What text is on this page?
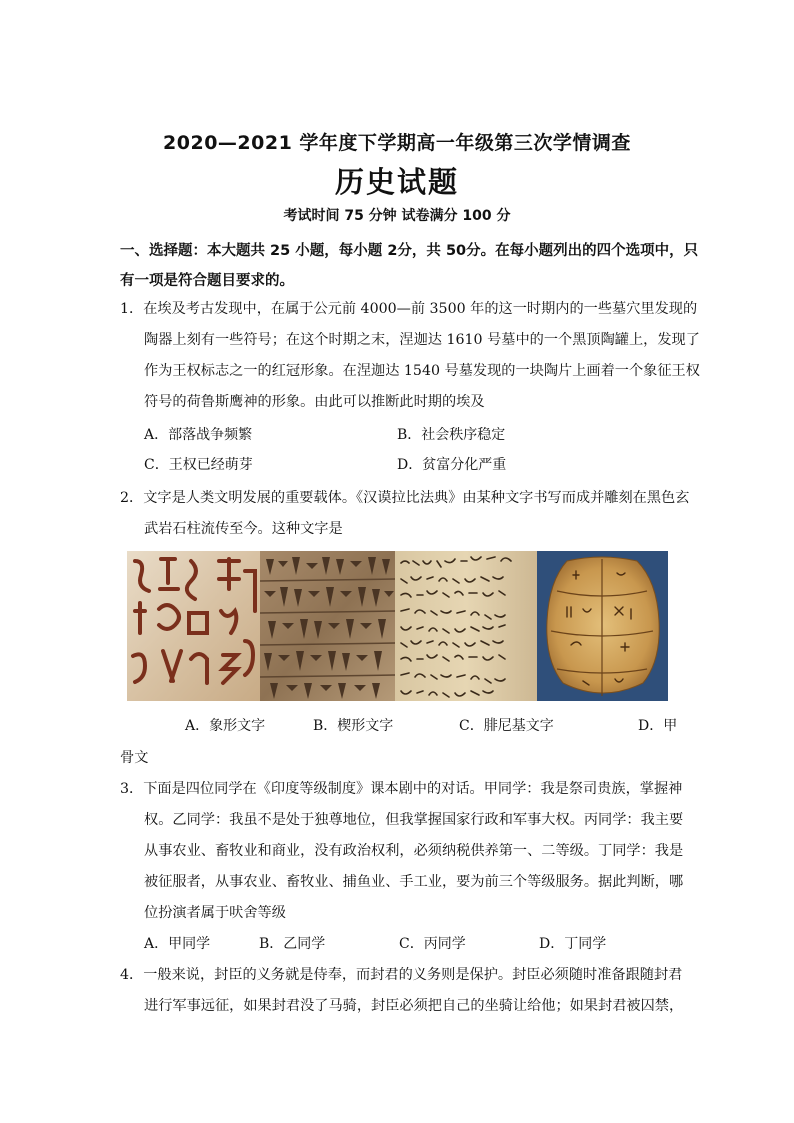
2020—2021 学年度下学期高一年级第三次学情调查
历史试题
考试时间 75 分钟 试卷满分 100 分
一、选择题：本大题共 25 小题，每小题 2分，共 50分。在每小题列出的四个选项中，只
有一项是符合题目要求的。
1．在埃及考古发现中，在属于公元前 4000—前 3500 年的这一时期内的一些墓穴里发现的
陶器上刻有一些符号；在这个时期之末，涅迦达 1610 号墓中的一个黑顶陶罐上，发现了
作为王权标志之一的红冠形象。在涅迦达 1540 号墓发现的一块陶片上画着一个象征王权
符号的荷鲁斯鹰神的形象。由此可以推断此时期的埃及
A．部落战争频繁	B．社会秩序稳定
C．王权已经萌芽	D．贫富分化严重
2．文字是人类文明发展的重要载体。《汉谟拉比法典》由某种文字书写而成并雕刻在黑色玄
武岩石柱流传至今。这种文字是
A．象形文字	B．楔形文字	C．腓尼基文字	D．甲
骨文
3．下面是四位同学在《印度等级制度》课本剧中的对话。甲同学：我是祭司贵族，掌握神
权。乙同学：我虽不是处于独尊地位，但我掌握国家行政和军事大权。丙同学：我主要
从事农业、畜牧业和商业，没有政治权利，必须纳税供养第一、二等级。丁同学：我是
被征服者，从事农业、畜牧业、捕鱼业、手工业，要为前三个等级服务。据此判断，哪
位扮演者属于吠舍等级
A．甲同学	B．乙同学	C．丙同学	D．丁同学
4．一般来说，封臣的义务就是侍奉，而封君的义务则是保护。封臣必须随时准备跟随封君
进行军事远征，如果封君没了马骑，封臣必须把自己的坐骑让给他；如果封君被囚禁，
